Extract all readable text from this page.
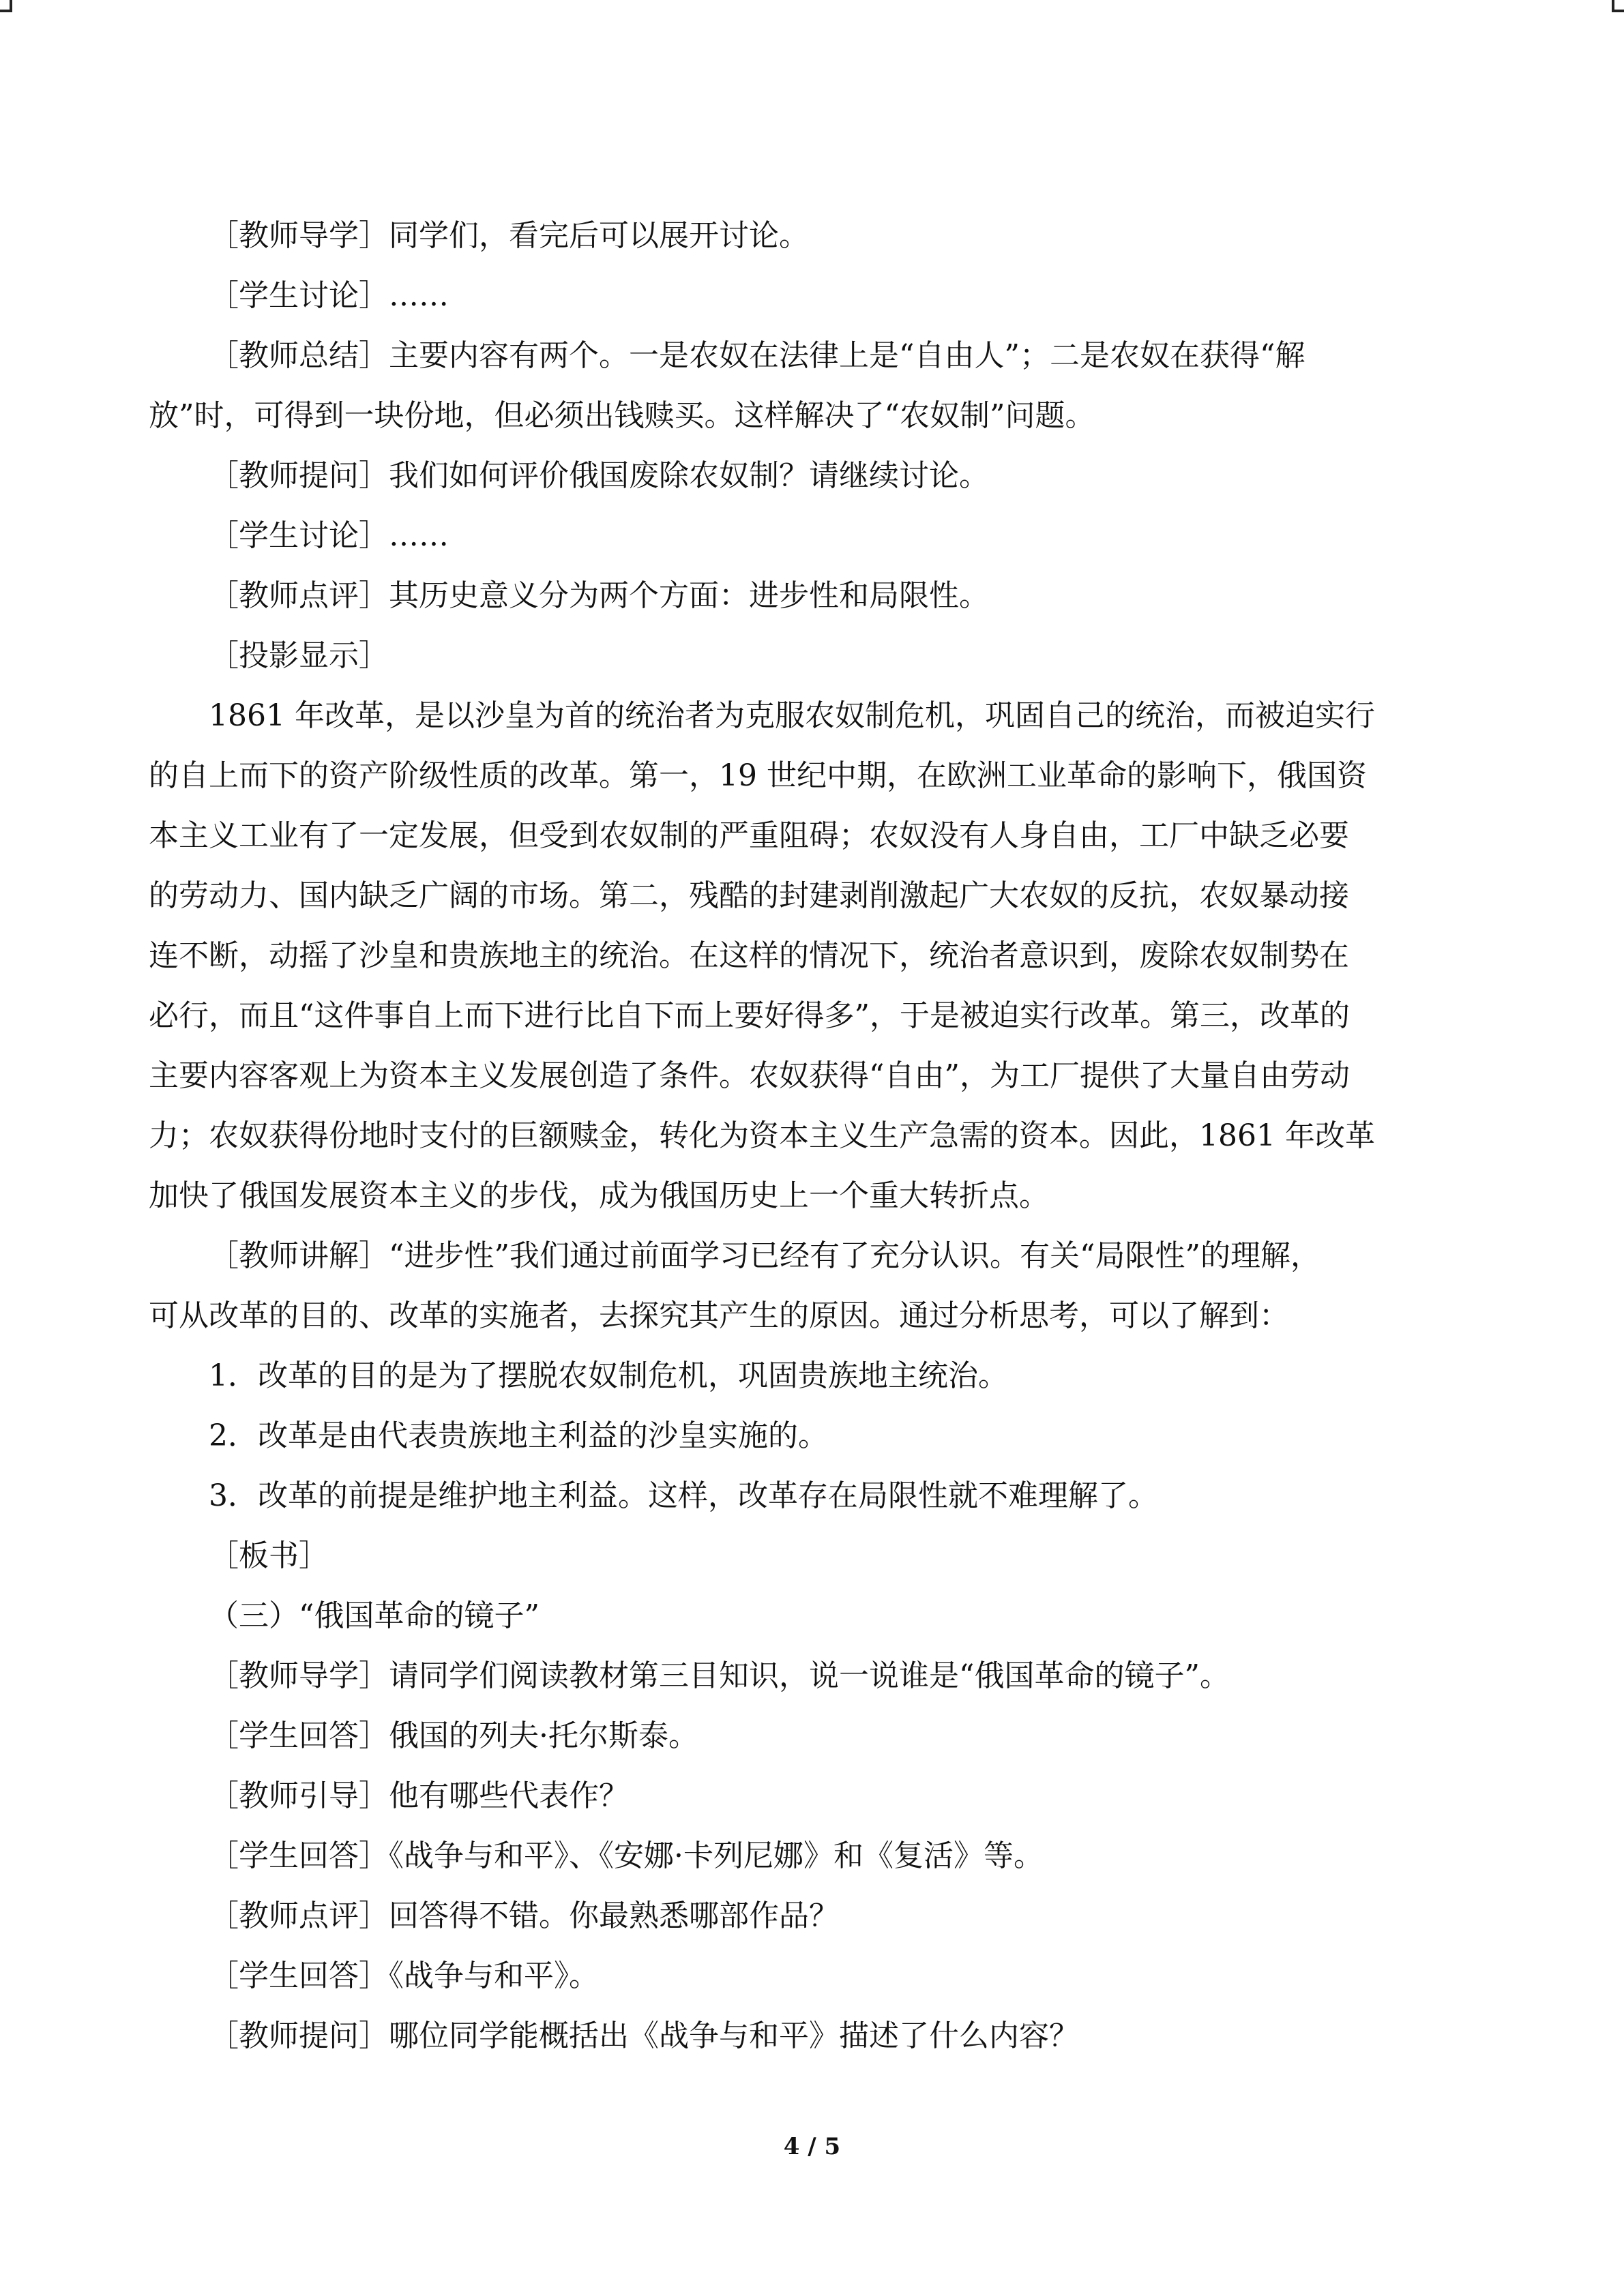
［教师导学］同学们，看完后可以展开讨论。
［学生讨论］……
［教师总结］主要内容有两个。一是农奴在法律上是“自由人”；二是农奴在获得“解
放”时，可得到一块份地，但必须出钱赎买。这样解决了“农奴制”问题。
［教师提问］我们如何评价俄国废除农奴制？请继续讨论。
［学生讨论］……
［教师点评］其历史意义分为两个方面：进步性和局限性。
［投影显示］
1861 年改革，是以沙皇为首的统治者为克服农奴制危机，巩固自己的统治，而被迫实行
的自上而下的资产阶级性质的改革。第一，19 世纪中期，在欧洲工业革命的影响下，俄国资
本主义工业有了一定发展，但受到农奴制的严重阻碍；农奴没有人身自由，工厂中缺乏必要
的劳动力、国内缺乏广阔的市场。第二，残酷的封建剥削激起广大农奴的反抗，农奴暴动接
连不断，动摇了沙皇和贵族地主的统治。在这样的情况下，统治者意识到，废除农奴制势在
必行，而且“这件事自上而下进行比自下而上要好得多”，于是被迫实行改革。第三，改革的
主要内容客观上为资本主义发展创造了条件。农奴获得“自由”，为工厂提供了大量自由劳动
力；农奴获得份地时支付的巨额赎金，转化为资本主义生产急需的资本。因此，1861 年改革
加快了俄国发展资本主义的步伐，成为俄国历史上一个重大转折点。
［教师讲解］“进步性”我们通过前面学习已经有了充分认识。有关“局限性”的理解，
可从改革的目的、改革的实施者，去探究其产生的原因。通过分析思考，可以了解到：
1．改革的目的是为了摆脱农奴制危机，巩固贵族地主统治。
2．改革是由代表贵族地主利益的沙皇实施的。
3．改革的前提是维护地主利益。这样，改革存在局限性就不难理解了。
［板书］
（三）“俄国革命的镜子”
［教师导学］请同学们阅读教材第三目知识，说一说谁是“俄国革命的镜子”。
［学生回答］俄国的列夫·托尔斯泰。
［教师引导］他有哪些代表作？
［学生回答］《战争与和平》、《安娜·卡列尼娜》和《复活》等。
［教师点评］回答得不错。你最熟悉哪部作品？
［学生回答］《战争与和平》。
［教师提问］哪位同学能概括出《战争与和平》描述了什么内容？
4 / 5
